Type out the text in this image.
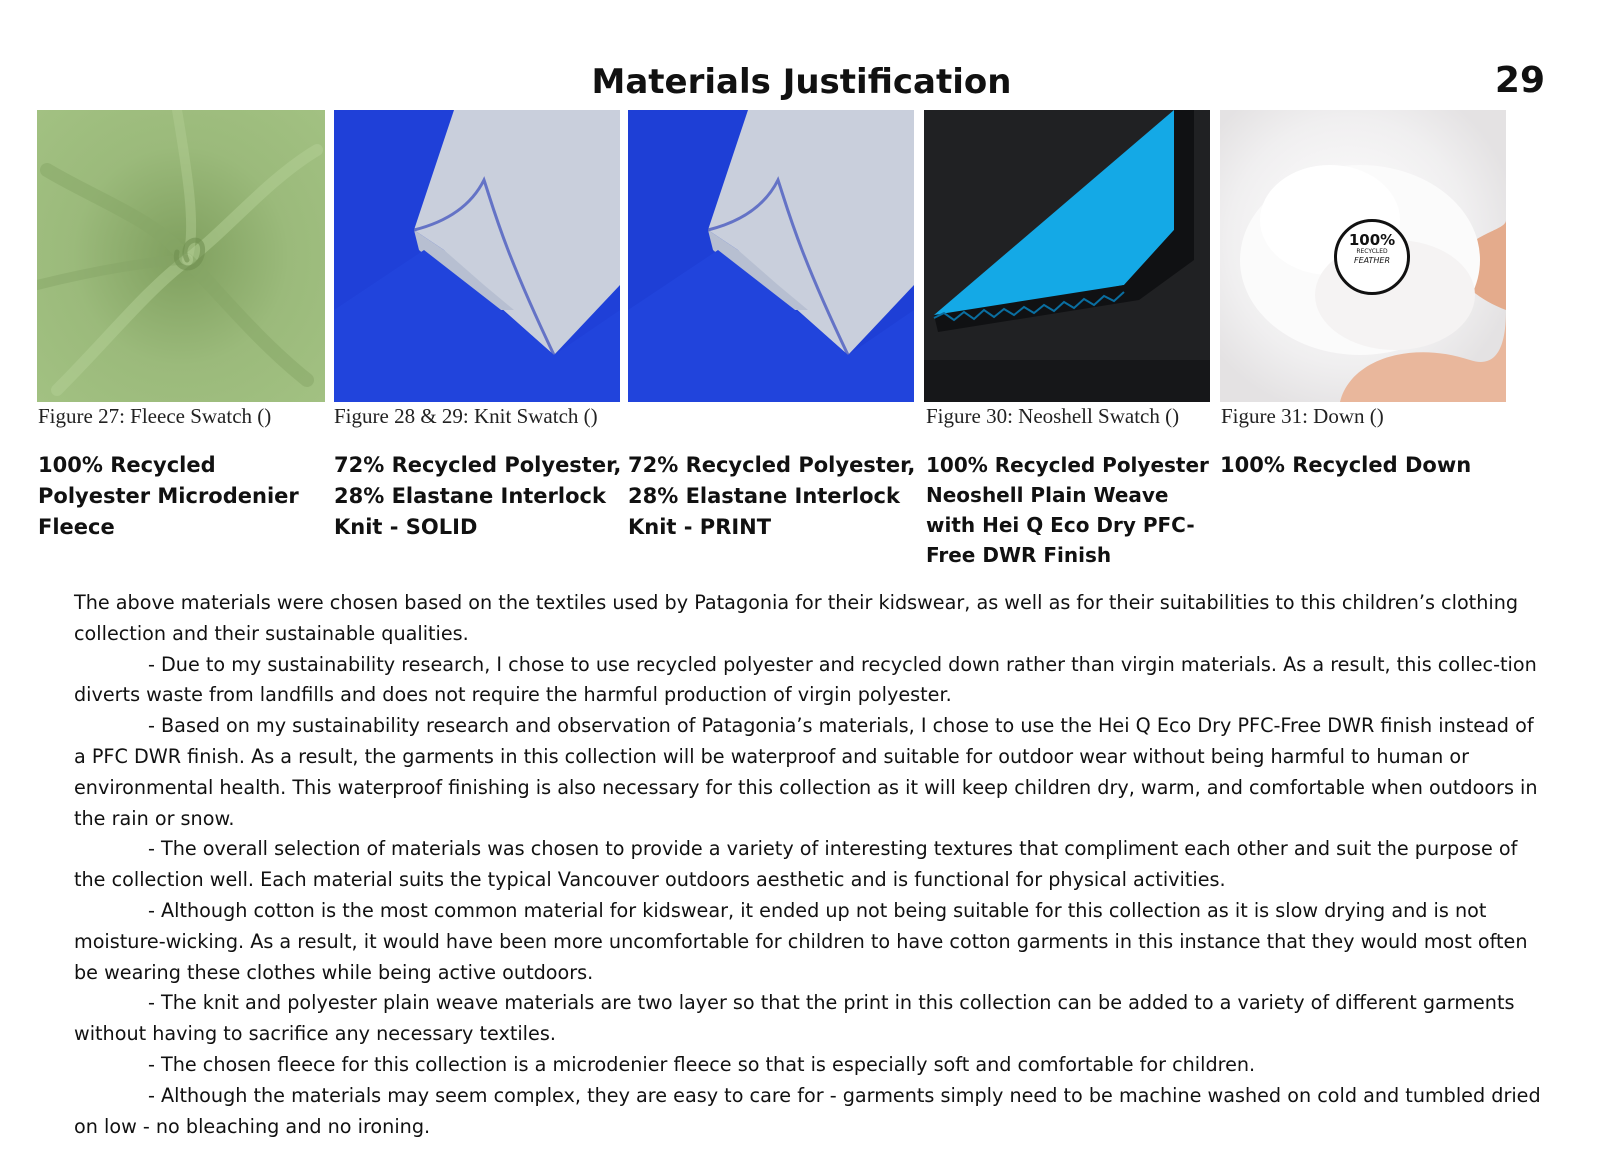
Materials Justification	29
Figure 27: Fleece Swatch ()
100% Recycled Polyester Microdenier Fleece
Figure 28 & 29: Knit Swatch ()
72% Recycled Polyester, 28% Elastane Interlock Knit - SOLID
72% Recycled Polyester, 28% Elastane Interlock Knit - PRINT
Figure 30: Neoshell Swatch ()
100% Recycled Polyester Neoshell Plain Weave with Hei Q Eco Dry PFC-Free DWR Finish
100%
RECYCLED
FEATHER
Figure 31: Down ()
100% Recycled Down

The above materials were chosen based on the textiles used by Patagonia for their kidswear, as well as for their suitabilities to this children’s clothing collection and their sustainable qualities.

- Due to my sustainability research, I chose to use recycled polyester and recycled down rather than virgin materials. As a result, this collec-tion diverts waste from landfills and does not require the harmful production of virgin polyester.

- Based on my sustainability research and observation of Patagonia’s materials, I chose to use the Hei Q Eco Dry PFC-Free DWR finish instead of a PFC DWR finish. As a result, the garments in this collection will be waterproof and suitable for outdoor wear without being harmful to human or environmental health. This waterproof finishing is also necessary for this collection as it will keep children dry, warm, and comfortable when outdoors in the rain or snow.

- The overall selection of materials was chosen to provide a variety of interesting textures that compliment each other and suit the purpose of the collection well. Each material suits the typical Vancouver outdoors aesthetic and is functional for physical activities.

- Although cotton is the most common material for kidswear, it ended up not being suitable for this collection as it is slow drying and is not moisture-wicking. As a result, it would have been more uncomfortable for children to have cotton garments in this instance that they would most often be wearing these clothes while being active outdoors.

- The knit and polyester plain weave materials are two layer so that the print in this collection can be added to a variety of different garments without having to sacrifice any necessary textiles.

- The chosen fleece for this collection is a microdenier fleece so that is especially soft and comfortable for children.

- Although the materials may seem complex, they are easy to care for - garments simply need to be machine washed on cold and tumbled dried on low - no bleaching and no ironing.
